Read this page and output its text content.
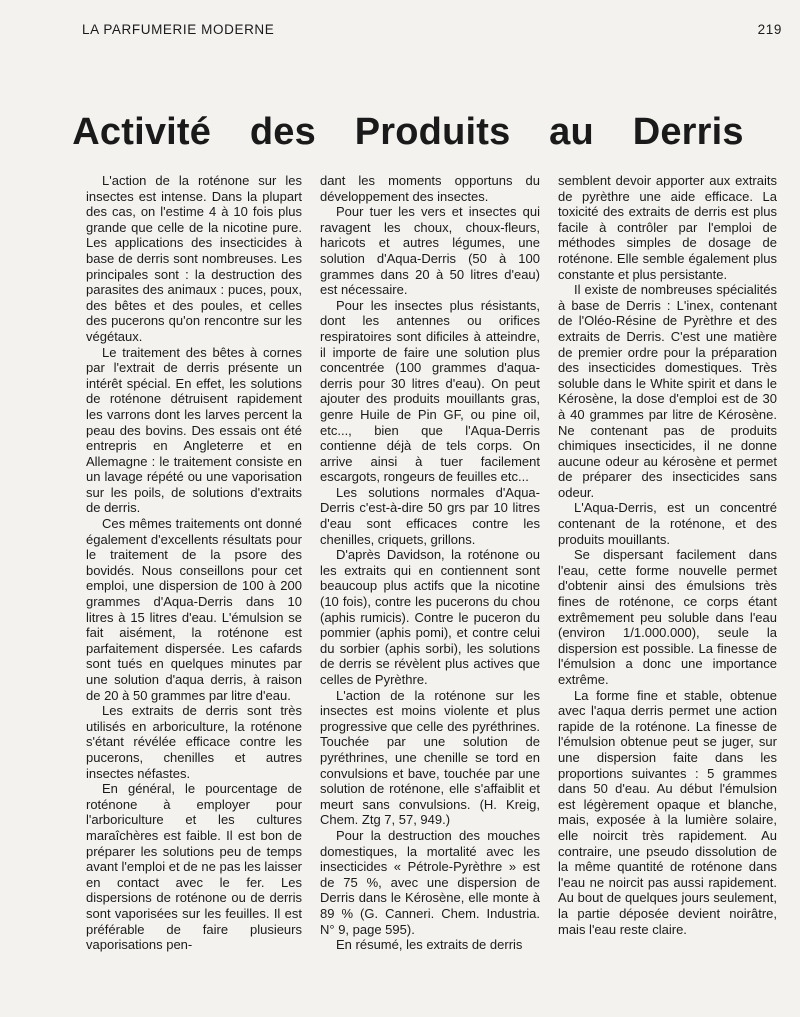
LA PARFUMERIE MODERNE	219
Activité des Produits au Derris

L'action de la roténone sur les insectes est intense. Dans la plupart des cas, on l'estime 4 à 10 fois plus grande que celle de la nicotine pure. Les applications des insecticides à base de derris sont nombreuses. Les principales sont : la destruction des parasites des animaux : puces, poux, des bêtes et des poules, et celles des pucerons qu'on rencontre sur les végétaux.

Le traitement des bêtes à cornes par l'extrait de derris présente un intérêt spécial. En effet, les solutions de roténone détruisent rapidement les varrons dont les larves percent la peau des bovins. Des essais ont été entrepris en Angleterre et en Allemagne : le traitement consiste en un lavage répété ou une vaporisation sur les poils, de solutions d'extraits de derris.

Ces mêmes traitements ont donné également d'excellents résultats pour le traitement de la psore des bovidés. Nous conseillons pour cet emploi, une dispersion de 100 à 200 grammes d'Aqua-Derris dans 10 litres à 15 litres d'eau. L'émulsion se fait aisément, la roténone est parfaitement dispersée. Les cafards sont tués en quelques minutes par une solution d'aqua derris, à raison de 20 à 50 grammes par litre d'eau.

Les extraits de derris sont très utilisés en arboriculture, la roténone s'étant révélée efficace contre les pucerons, chenilles et autres insectes néfastes.

En général, le pourcentage de roténone à employer pour l'arboriculture et les cultures maraîchères est faible. Il est bon de préparer les solutions peu de temps avant l'emploi et de ne pas les laisser en contact avec le fer. Les dispersions de roténone ou de derris sont vaporisées sur les feuilles. Il est préférable de faire plusieurs vaporisations pen-

dant les moments opportuns du développement des insectes.

Pour tuer les vers et insectes qui ravagent les choux, choux-fleurs, haricots et autres légumes, une solution d'Aqua-Derris (50 à 100 grammes dans 20 à 50 litres d'eau) est nécessaire.

Pour les insectes plus résistants, dont les antennes ou orifices respiratoires sont dificiles à atteindre, il importe de faire une solution plus concentrée (100 grammes d'aqua-derris pour 30 litres d'eau). On peut ajouter des produits mouillants gras, genre Huile de Pin GF, ou pine oil, etc..., bien que l'Aqua-Derris contienne déjà de tels corps. On arrive ainsi à tuer facilement escargots, rongeurs de feuilles etc...

Les solutions normales d'Aqua-Derris c'est-à-dire 50 grs par 10 litres d'eau sont efficaces contre les chenilles, criquets, grillons.

D'après Davidson, la roténone ou les extraits qui en contiennent sont beaucoup plus actifs que la nicotine (10 fois), contre les pucerons du chou (aphis rumicis). Contre le puceron du pommier (aphis pomi), et contre celui du sorbier (aphis sorbi), les solutions de derris se révèlent plus actives que celles de Pyrèthre.

L'action de la roténone sur les insectes est moins violente et plus progressive que celle des pyréthrines. Touchée par une solution de pyréthrines, une chenille se tord en convulsions et bave, touchée par une solution de roténone, elle s'affaiblit et meurt sans convulsions. (H. Kreig, Chem. Ztg 7, 57, 949.)

Pour la destruction des mouches domestiques, la mortalité avec les insecticides « Pétrole-Pyrèthre » est de 75 %, avec une dispersion de Derris dans le Kérosène, elle monte à 89 % (G. Canneri. Chem. Industria. N° 9, page 595).

En résumé, les extraits de derris

semblent devoir apporter aux extraits de pyrèthre une aide efficace. La toxicité des extraits de derris est plus facile à contrôler par l'emploi de méthodes simples de dosage de roténone. Elle semble également plus constante et plus persistante.

Il existe de nombreuses spécialités à base de Derris : L'inex, contenant de l'Oléo-Résine de Pyrèthre et des extraits de Derris. C'est une matière de premier ordre pour la préparation des insecticides domestiques. Très soluble dans le White spirit et dans le Kérosène, la dose d'emploi est de 30 à 40 grammes par litre de Kérosène. Ne contenant pas de produits chimiques insecticides, il ne donne aucune odeur au kérosène et permet de préparer des insecticides sans odeur.

L'Aqua-Derris, est un concentré contenant de la roténone, et des produits mouillants.

Se dispersant facilement dans l'eau, cette forme nouvelle permet d'obtenir ainsi des émulsions très fines de roténone, ce corps étant extrêmement peu soluble dans l'eau (environ 1/1.000.000), seule la dispersion est possible. La finesse de l'émulsion a donc une importance extrême.

La forme fine et stable, obtenue avec l'aqua derris permet une action rapide de la roténone. La finesse de l'émulsion obtenue peut se juger, sur une dispersion faite dans les proportions suivantes : 5 grammes dans 50 d'eau. Au début l'émulsion est légèrement opaque et blanche, mais, exposée à la lumière solaire, elle noircit très rapidement. Au contraire, une pseudo dissolution de la même quantité de roténone dans l'eau ne noircit pas aussi rapidement. Au bout de quelques jours seulement, la partie déposée devient noirâtre, mais l'eau reste claire.
